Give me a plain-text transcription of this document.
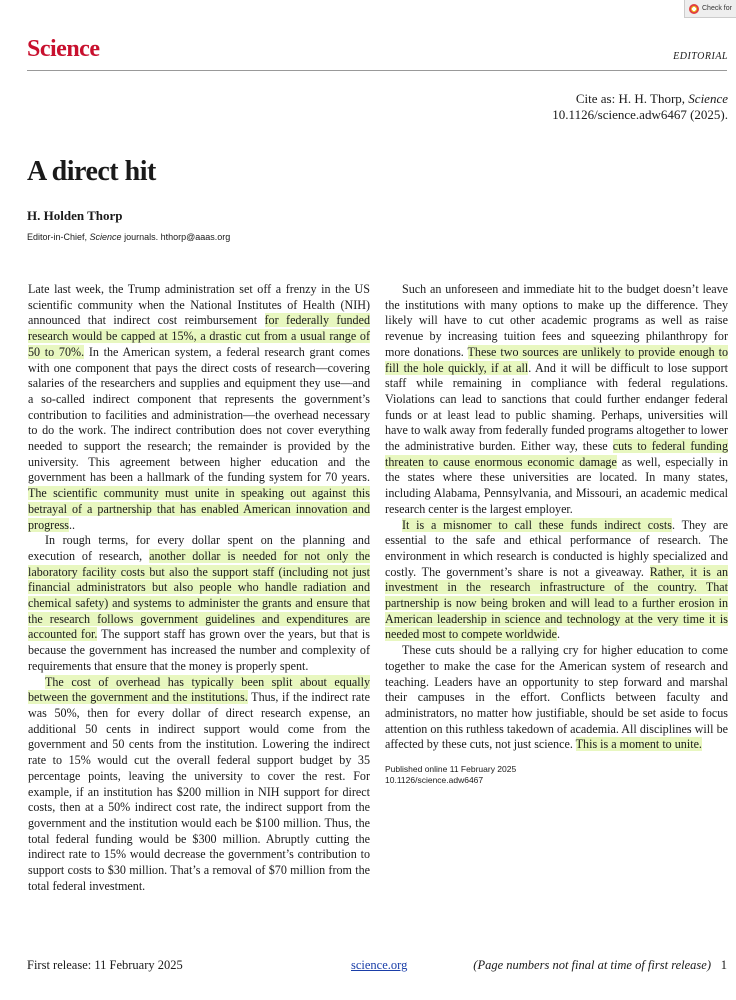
Check for
Science	EDITORIAL
Cite as: H. H. Thorp, Science
10.1126/science.adw6467 (2025).
A direct hit
H. Holden Thorp
Editor-in-Chief, Science journals. hthorp@aaas.org

Late last week, the Trump administration set off a frenzy in the US scientific community when the National Institutes of Health (NIH) announced that indirect cost reimbursement for federally funded research would be capped at 15%, a drastic cut from a usual range of 50 to 70%. In the American system, a federal research grant comes with one component that pays the direct costs of research—covering salaries of the researchers and supplies and equipment they use—and a so-called indirect component that represents the government’s contribution to facilities and administration—the overhead necessary to do the work. The indirect contribution does not cover everything needed to support the research; the remainder is provided by the university. This agreement between higher education and the government has been a hallmark of the funding system for 70 years. The scientific community must unite in speaking out against this betrayal of a partnership that has enabled American innovation and progress..

In rough terms, for every dollar spent on the planning and execution of research, another dollar is needed for not only the laboratory facility costs but also the support staff (including not just financial administrators but also people who handle radiation and chemical safety) and systems to administer the grants and ensure that the research follows government guidelines and expenditures are accounted for. The support staff has grown over the years, but that is because the government has increased the number and complexity of requirements that ensure that the money is properly spent.

The cost of overhead has typically been split about equally between the government and the institutions. Thus, if the indirect rate was 50%, then for every dollar of direct research expense, an additional 50 cents in indirect support would come from the government and 50 cents from the institution. Lowering the indirect rate to 15% would cut the overall federal support budget by 35 percentage points, leaving the university to cover the rest. For example, if an institution has $200 million in NIH support for direct costs, then at a 50% indirect cost rate, the indirect support from the government and the institution would each be $100 million. Thus, the total federal funding would be $300 million. Abruptly cutting the indirect rate to 15% would decrease the government’s contribution to support costs to $30 million. That’s a removal of $70 million from the total federal investment.

Such an unforeseen and immediate hit to the budget doesn’t leave the institutions with many options to make up the difference. They likely will have to cut other academic programs as well as raise revenue by increasing tuition fees and squeezing philanthropy for more donations. These two sources are unlikely to provide enough to fill the hole quickly, if at all. And it will be difficult to lose support staff while remaining in compliance with federal regulations. Violations can lead to sanctions that could further endanger federal funds or at least lead to public shaming. Perhaps, universities will have to walk away from federally funded programs altogether to lower the administrative burden. Either way, these cuts to federal funding threaten to cause enormous economic damage as well, especially in the states where these universities are located. In many states, including Alabama, Pennsylvania, and Missouri, an academic medical research center is the largest employer.

It is a misnomer to call these funds indirect costs. They are essential to the safe and ethical performance of research. The environment in which research is conducted is highly specialized and costly. The government’s share is not a giveaway. Rather, it is an investment in the research infrastructure of the country. That partnership is now being broken and will lead to a further erosion in American leadership in science and technology at the very time it is needed most to compete worldwide.

These cuts should be a rallying cry for higher education to come together to make the case for the American system of research and teaching. Leaders have an opportunity to step forward and marshal their campuses in the effort. Conflicts between faculty and administrators, no matter how justifiable, should be set aside to focus attention on this ruthless takedown of academia. All disciplines will be affected by these cuts, not just science. This is a moment to unite.

Published online 11 February 2025
10.1126/science.adw6467
First release: 11 February 2025	science.org	(Page numbers not final at time of first release) 1
